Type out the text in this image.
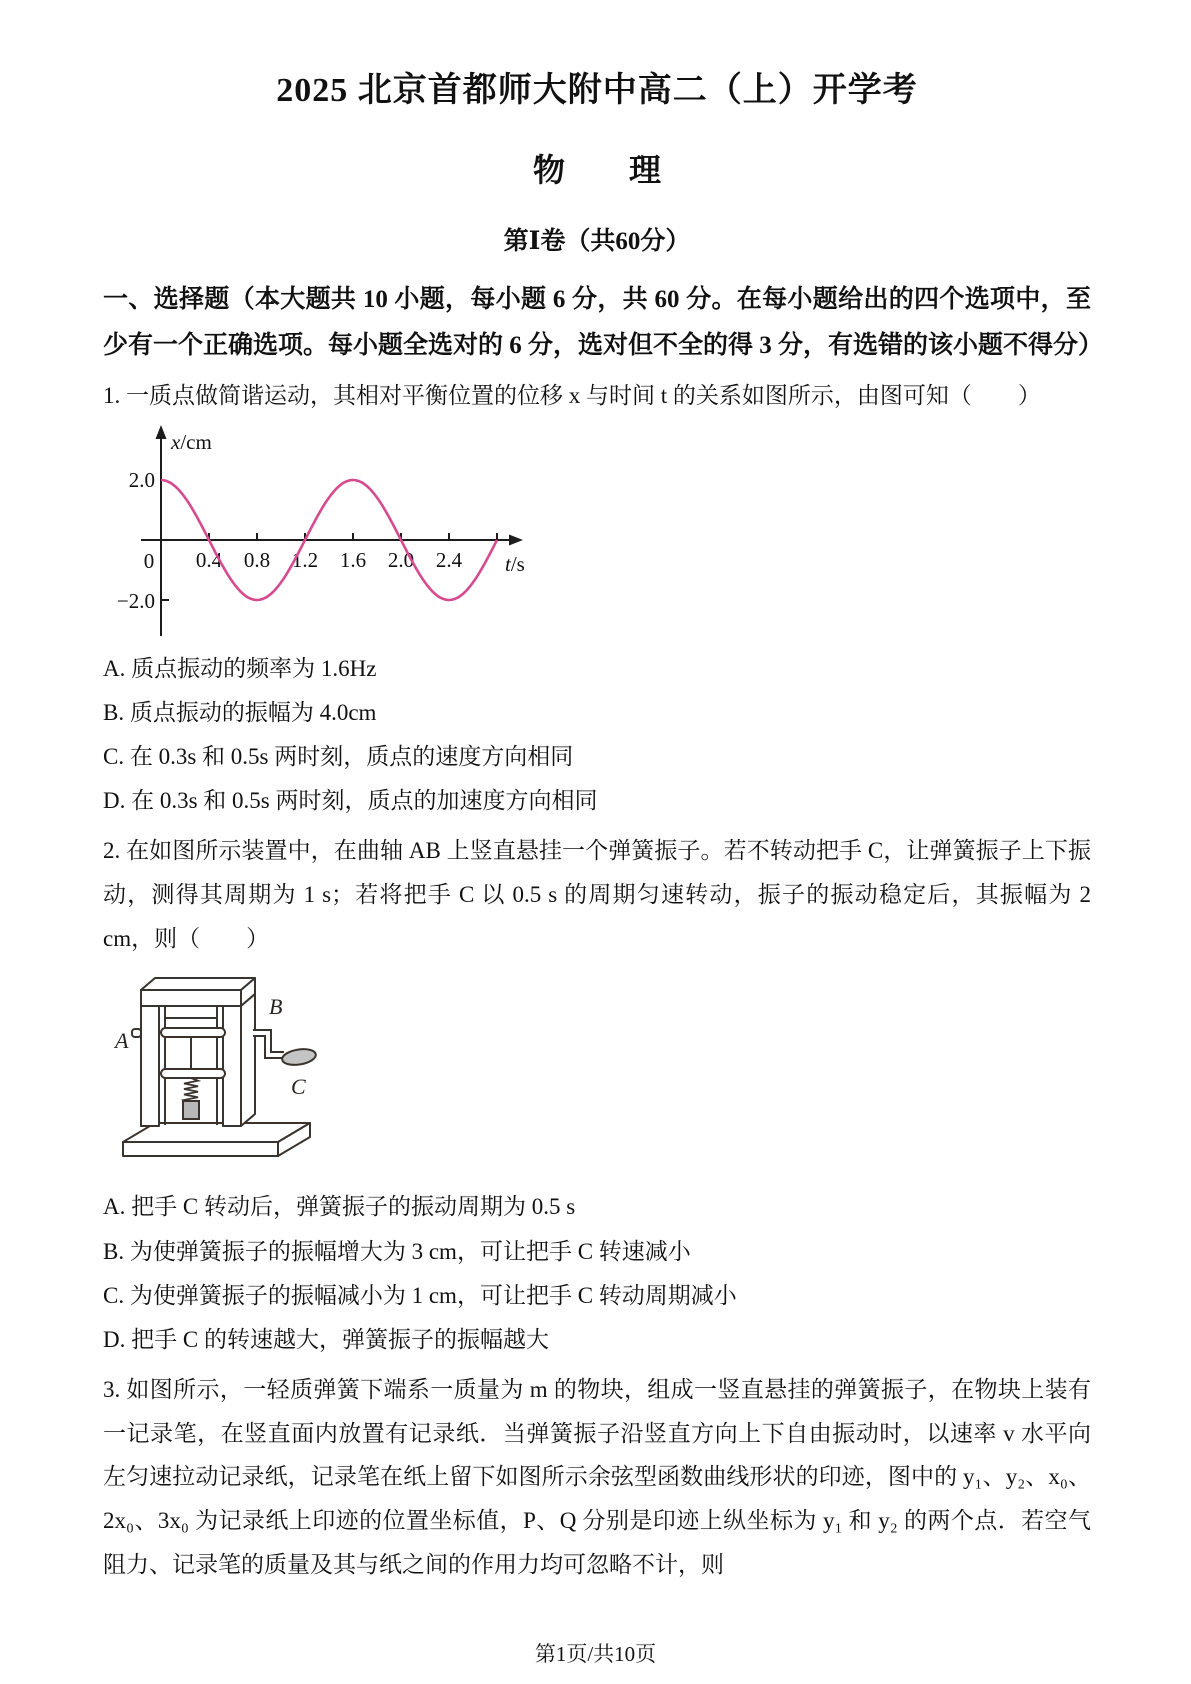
2025 北京首都师大附中高二（上）开学考
物　　理
第Ⅰ卷（共60分）

一、选择题（本大题共 10 小题，每小题 6 分，共 60 分。在每小题给出的四个选项中，至少有一个正确选项。每小题全选对的 6 分，选对但不全的得 3 分，有选错的该小题不得分）

1. 一质点做简谐运动，其相对平衡位置的位移 x 与时间 t 的关系如图所示，由图可知（　　）

0.4 0.8 1.2 1.6 2.0 2.4
x/cm
t/s
2.0
−2.0
0

A. 质点振动的频率为 1.6Hz

B. 质点振动的振幅为 4.0cm

C. 在 0.3s 和 0.5s 两时刻，质点的速度方向相同

D. 在 0.3s 和 0.5s 两时刻，质点的加速度方向相同

2. 在如图所示装置中，在曲轴 AB 上竖直悬挂一个弹簧振子。若不转动把手 C，让弹簧振子上下振动，测得其周期为 1 s；若将把手 C 以 0.5 s 的周期匀速转动，振子的振动稳定后，其振幅为 2 cm，则（　　）

A
B
C

A. 把手 C 转动后，弹簧振子的振动周期为 0.5 s

B. 为使弹簧振子的振幅增大为 3 cm，可让把手 C 转速减小

C. 为使弹簧振子的振幅减小为 1 cm，可让把手 C 转动周期减小

D. 把手 C 的转速越大，弹簧振子的振幅越大

3. 如图所示，一轻质弹簧下端系一质量为 m 的物块，组成一竖直悬挂的弹簧振子，在物块上装有一记录笔，在竖直面内放置有记录纸．当弹簧振子沿竖直方向上下自由振动时，以速率 v 水平向左匀速拉动记录纸，记录笔在纸上留下如图所示余弦型函数曲线形状的印迹，图中的 y₁、y₂、x₀、2x₀、3x₀ 为记录纸上印迹的位置坐标值，P、Q 分别是印迹上纵坐标为 y₁ 和 y₂ 的两个点．若空气阻力、记录笔的质量及其与纸之间的作用力均可忽略不计，则

第1页/共10页
